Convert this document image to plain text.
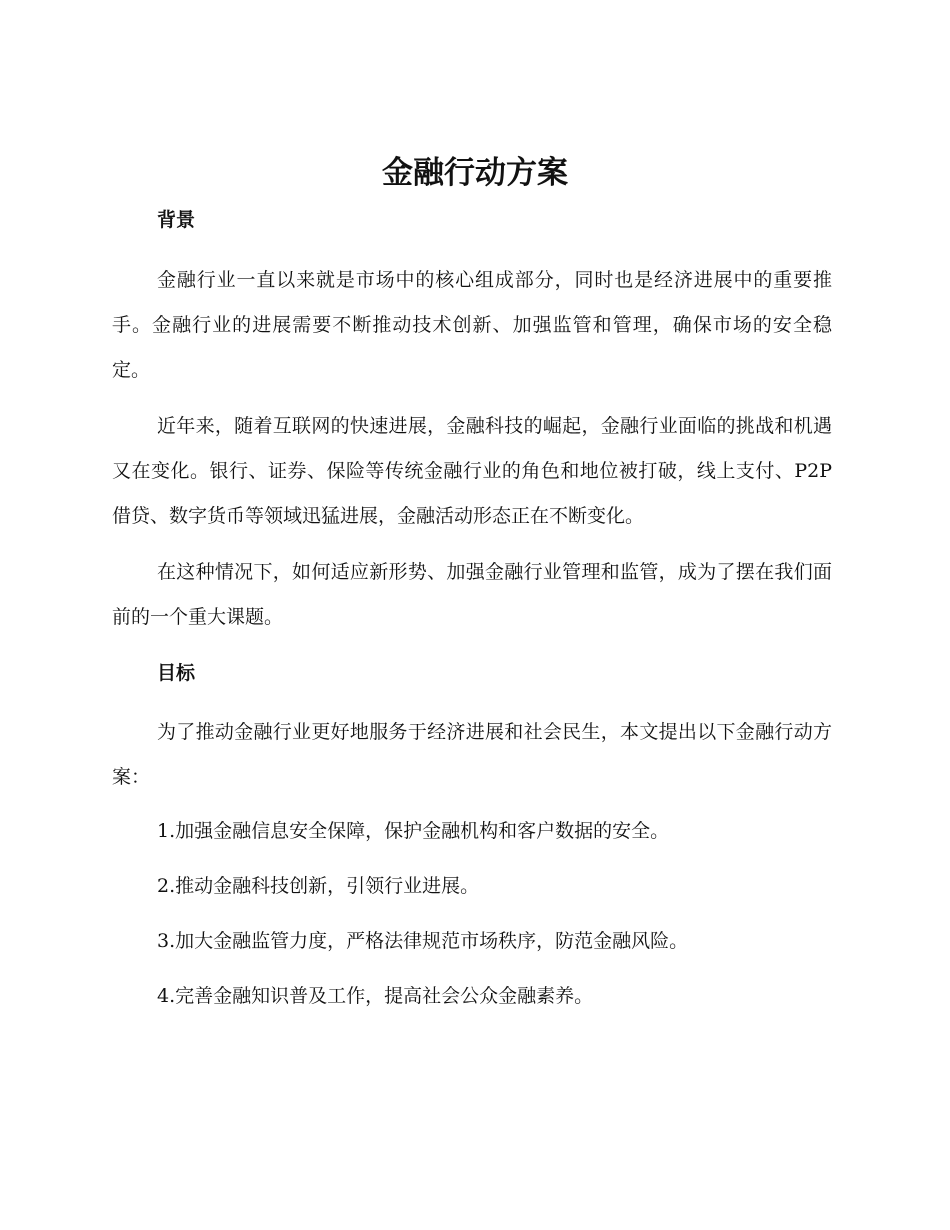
金融行动方案
背景

金融行业一直以来就是市场中的核心组成部分，同时也是经济进展中的重要推手。金融行业的进展需要不断推动技术创新、加强监管和管理，确保市场的安全稳定。

近年来，随着互联网的快速进展，金融科技的崛起，金融行业面临的挑战和机遇又在变化。银行、证券、保险等传统金融行业的角色和地位被打破，线上支付、P2P借贷、数字货币等领域迅猛进展，金融活动形态正在不断变化。

在这种情况下，如何适应新形势、加强金融行业管理和监管，成为了摆在我们面前的一个重大课题。

目标

为了推动金融行业更好地服务于经济进展和社会民生，本文提出以下金融行动方案：

1.加强金融信息安全保障，保护金融机构和客户数据的安全。

2.推动金融科技创新，引领行业进展。

3.加大金融监管力度，严格法律规范市场秩序，防范金融风险。

4.完善金融知识普及工作，提高社会公众金融素养。
